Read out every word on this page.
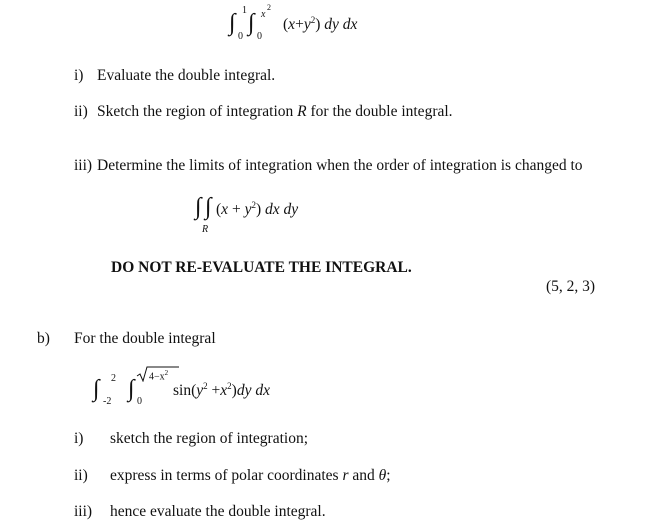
∫
0
1 ∫
0
x
2
$(x+y^2)$ dy dx
i) Evaluate the double integral.
ii) Sketch the region of integration R for the double integral.
iii) Determine the limits of integration when the order of integration is changed to
∫ ∫ $(x + y^2)$ dx dy
R
DO NOT RE-EVALUATE THE INTEGRAL.
(5, 2, 3)
b) For the double integral
∫ -2
2 ∫ 0
$4-x^2$
$\sin(y^2 +x^2)dy$ dx
i) sketch the region of integration;
ii) express in terms of polar coordinates r and θ;
iii) hence evaluate the double integral.
